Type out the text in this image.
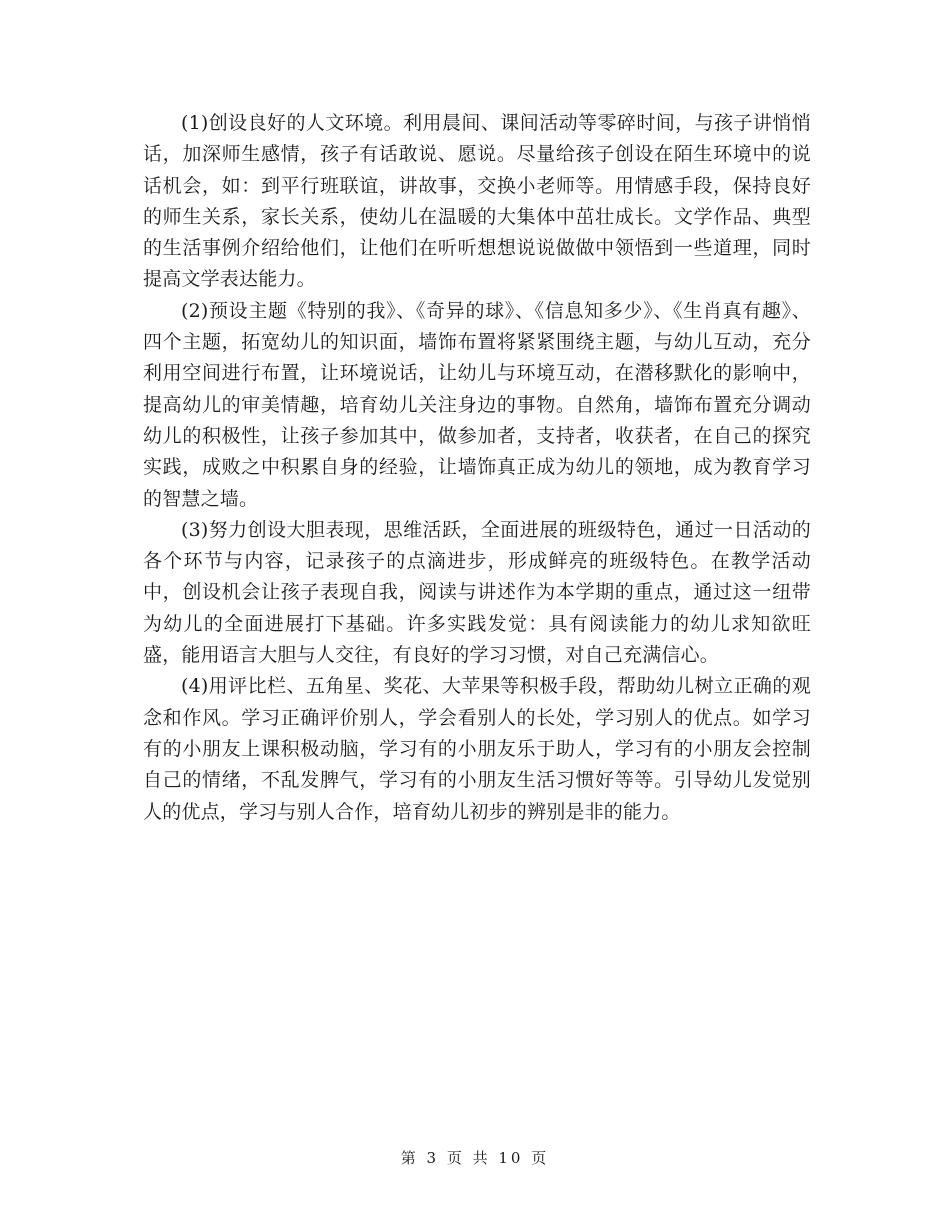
(1)创设良好的人文环境。利用晨间、课间活动等零碎时间，与孩子讲悄悄话，加深师生感情，孩子有话敢说、愿说。尽量给孩子创设在陌生环境中的说话机会，如：到平行班联谊，讲故事，交换小老师等。用情感手段，保持良好的师生关系，家长关系，使幼儿在温暖的大集体中茁壮成长。文学作品、典型的生活事例介绍给他们，让他们在听听想想说说做做中领悟到一些道理，同时提高文学表达能力。

(2)预设主题《特别的我》、《奇异的球》、《信息知多少》、《生肖真有趣》、四个主题，拓宽幼儿的知识面，墙饰布置将紧紧围绕主题，与幼儿互动，充分利用空间进行布置，让环境说话，让幼儿与环境互动，在潜移默化的影响中，提高幼儿的审美情趣，培育幼儿关注身边的事物。自然角，墙饰布置充分调动幼儿的积极性，让孩子参加其中，做参加者，支持者，收获者，在自己的探究实践，成败之中积累自身的经验，让墙饰真正成为幼儿的领地，成为教育学习的智慧之墙。

(3)努力创设大胆表现，思维活跃，全面进展的班级特色，通过一日活动的各个环节与内容，记录孩子的点滴进步，形成鲜亮的班级特色。在教学活动中，创设机会让孩子表现自我，阅读与讲述作为本学期的重点，通过这一纽带为幼儿的全面进展打下基础。许多实践发觉：具有阅读能力的幼儿求知欲旺盛，能用语言大胆与人交往，有良好的学习习惯，对自己充满信心。

(4)用评比栏、五角星、奖花、大苹果等积极手段，帮助幼儿树立正确的观念和作风。学习正确评价别人，学会看别人的长处，学习别人的优点。如学习有的小朋友上课积极动脑，学习有的小朋友乐于助人，学习有的小朋友会控制自己的情绪，不乱发脾气，学习有的小朋友生活习惯好等等。引导幼儿发觉别人的优点，学习与别人合作，培育幼儿初步的辨别是非的能力。

第 3 页 共 10 页
